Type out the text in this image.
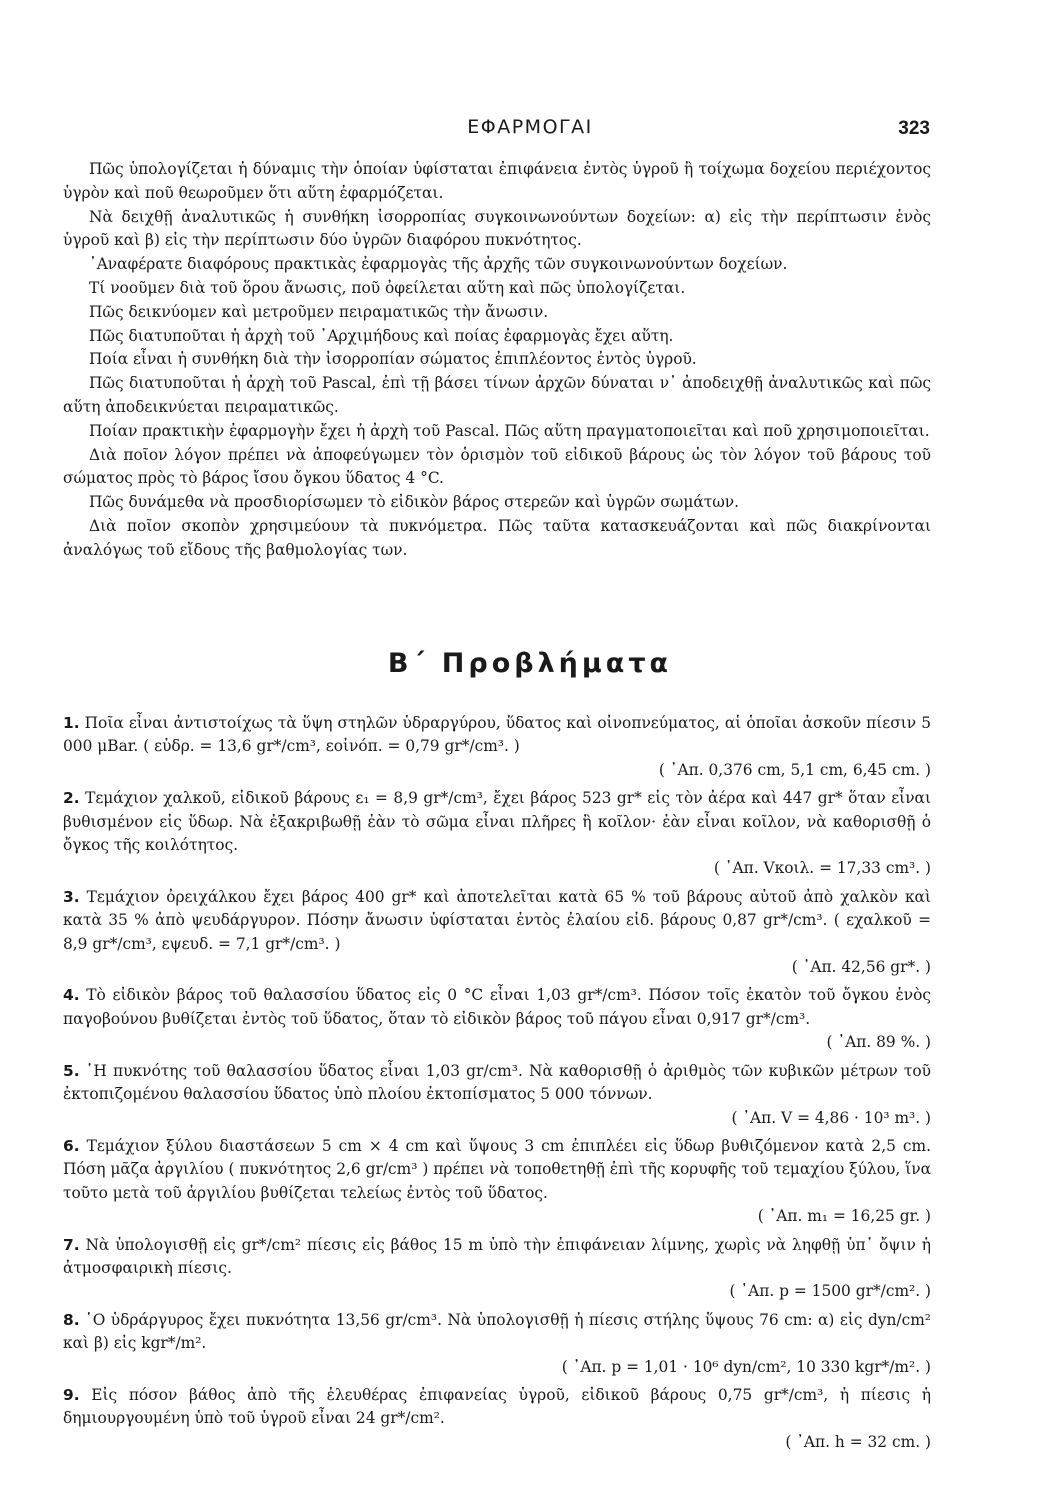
ΕΦΑΡΜΟΓΑΙ	323

Πῶς ὑπολογίζεται ἡ δύναμις τὴν ὁποίαν ὑφίσταται ἐπιφάνεια ἐντὸς ὑγροῦ ἢ τοίχωμα δοχείου περιέχοντος ὑγρὸν καὶ ποῦ θεωροῦμεν ὅτι αὕτη ἐφαρμόζεται.

Νὰ δειχθῇ ἀναλυτικῶς ἡ συνθήκη ἰσορροπίας συγκοινωνούντων δοχείων: α) εἰς τὴν περίπτωσιν ἑνὸς ὑγροῦ καὶ β) εἰς τὴν περίπτωσιν δύο ὑγρῶν διαφόρου πυκνότητος.

᾿Αναφέρατε διαφόρους πρακτικὰς ἐφαρμογὰς τῆς ἀρχῆς τῶν συγκοινωνούντων δοχείων.

Τί νοοῦμεν διὰ τοῦ ὅρου ἄνωσις, ποῦ ὀφείλεται αὕτη καὶ πῶς ὑπολογίζεται.

Πῶς δεικνύομεν καὶ μετροῦμεν πειραματικῶς τὴν ἄνωσιν.

Πῶς διατυποῦται ἡ ἀρχὴ τοῦ ᾿Αρχιμήδους καὶ ποίας ἐφαρμογὰς ἔχει αὕτη.

Ποία εἶναι ἡ συνθήκη διὰ τὴν ἰσορροπίαν σώματος ἐπιπλέοντος ἐντὸς ὑγροῦ.

Πῶς διατυποῦται ἡ ἀρχὴ τοῦ Pascal, ἐπὶ τῇ βάσει τίνων ἀρχῶν δύναται ν᾿ ἀποδειχθῇ ἀναλυτικῶς καὶ πῶς αὕτη ἀποδεικνύεται πειραματικῶς.

Ποίαν πρακτικὴν ἐφαρμογὴν ἔχει ἡ ἀρχὴ τοῦ Pascal. Πῶς αὕτη πραγματοποιεῖται καὶ ποῦ χρησιμοποιεῖται.

Διὰ ποῖον λόγον πρέπει νὰ ἀποφεύγωμεν τὸν ὁρισμὸν τοῦ εἰδικοῦ βάρους ὡς τὸν λόγον τοῦ βάρους τοῦ σώματος πρὸς τὸ βάρος ἴσου ὄγκου ὕδατος 4 °C.

Πῶς δυνάμεθα νὰ προσδιορίσωμεν τὸ εἰδικὸν βάρος στερεῶν καὶ ὑγρῶν σωμάτων.

Διὰ ποῖον σκοπὸν χρησιμεύουν τὰ πυκνόμετρα. Πῶς ταῦτα κατασκευάζονται καὶ πῶς διακρίνονται ἀναλόγως τοῦ εἴδους τῆς βαθμολογίας των.

Β΄ Προβλήματα
1. Ποῖα εἶναι ἀντιστοίχως τὰ ὕψη στηλῶν ὑδραργύρου, ὕδατος καὶ οἰνοπνεύματος, αἱ ὁποῖαι ἀσκοῦν πίεσιν 5 000 μBar. ( εὑδρ. = 13,6 gr*/cm³, εοἰνόπ. = 0,79 gr*/cm³. )

( ᾿Απ. 0,376 cm, 5,1 cm, 6,45 cm. )

2. Τεμάχιον χαλκοῦ, εἰδικοῦ βάρους ε₁ = 8,9 gr*/cm³, ἔχει βάρος 523 gr* εἰς τὸν ἀέρα καὶ 447 gr* ὅταν εἶναι βυθισμένον εἰς ὕδωρ. Νὰ ἐξακριβωθῇ ἐὰν τὸ σῶμα εἶναι πλῆρες ἢ κοῖλον· ἐὰν εἶναι κοῖλον, νὰ καθορισθῇ ὁ ὄγκος τῆς κοιλότητος.

( ᾿Απ. Vκοιλ. = 17,33 cm³. )

3. Τεμάχιον ὀρειχάλκου ἔχει βάρος 400 gr* καὶ ἀποτελεῖται κατὰ 65 % τοῦ βάρους αὐτοῦ ἀπὸ χαλκὸν καὶ κατὰ 35 % ἀπὸ ψευδάργυρον. Πόσην ἄνωσιν ὑφίσταται ἐντὸς ἐλαίου εἰδ. βάρους 0,87 gr*/cm³. ( εχαλκοῦ = 8,9 gr*/cm³, εψευδ. = 7,1 gr*/cm³. )

( ᾿Απ. 42,56 gr*. )

4. Τὸ εἰδικὸν βάρος τοῦ θαλασσίου ὕδατος εἰς 0 °C εἶναι 1,03 gr*/cm³. Πόσον τοῖς ἑκατὸν τοῦ ὄγκου ἑνὸς παγοβούνου βυθίζεται ἐντὸς τοῦ ὕδατος, ὅταν τὸ εἰδικὸν βάρος τοῦ πάγου εἶναι 0,917 gr*/cm³.

( ᾿Απ. 89 %. )

5. ῾Η πυκνότης τοῦ θαλασσίου ὕδατος εἶναι 1,03 gr/cm³. Νὰ καθορισθῇ ὁ ἀριθμὸς τῶν κυβικῶν μέτρων τοῦ ἐκτοπιζομένου θαλασσίου ὕδατος ὑπὸ πλοίου ἐκτοπίσματος 5 000 τόννων.

( ᾿Απ. V = 4,86 · 10³ m³. )

6. Τεμάχιον ξύλου διαστάσεων 5 cm × 4 cm καὶ ὕψους 3 cm ἐπιπλέει εἰς ὕδωρ βυθιζόμενον κατὰ 2,5 cm. Πόση μᾶζα ἀργιλίου ( πυκνότητος 2,6 gr/cm³ ) πρέπει νὰ τοποθετηθῇ ἐπὶ τῆς κορυφῆς τοῦ τεμαχίου ξύλου, ἵνα τοῦτο μετὰ τοῦ ἀργιλίου βυθίζεται τελείως ἐντὸς τοῦ ὕδατος.

( ᾿Απ. m₁ = 16,25 gr. )

7. Νὰ ὑπολογισθῇ εἰς gr*/cm² πίεσις εἰς βάθος 15 m ὑπὸ τὴν ἐπιφάνειαν λίμνης, χωρὶς νὰ ληφθῇ ὑπ᾿ ὄψιν ἡ ἀτμοσφαιρικὴ πίεσις.

( ᾿Απ. p = 1500 gr*/cm². )

8. ῾Ο ὑδράργυρος ἔχει πυκνότητα 13,56 gr/cm³. Νὰ ὑπολογισθῇ ἡ πίεσις στήλης ὕψους 76 cm: α) εἰς dyn/cm² καὶ β) εἰς kgr*/m².

( ᾿Απ. p = 1,01 · 10⁶ dyn/cm², 10 330 kgr*/m². )

9. Εἰς πόσον βάθος ἀπὸ τῆς ἐλευθέρας ἐπιφανείας ὑγροῦ, εἰδικοῦ βάρους 0,75 gr*/cm³, ἡ πίεσις ἡ δημιουργουμένη ὑπὸ τοῦ ὑγροῦ εἶναι 24 gr*/cm².

( ᾿Απ. h = 32 cm. )
